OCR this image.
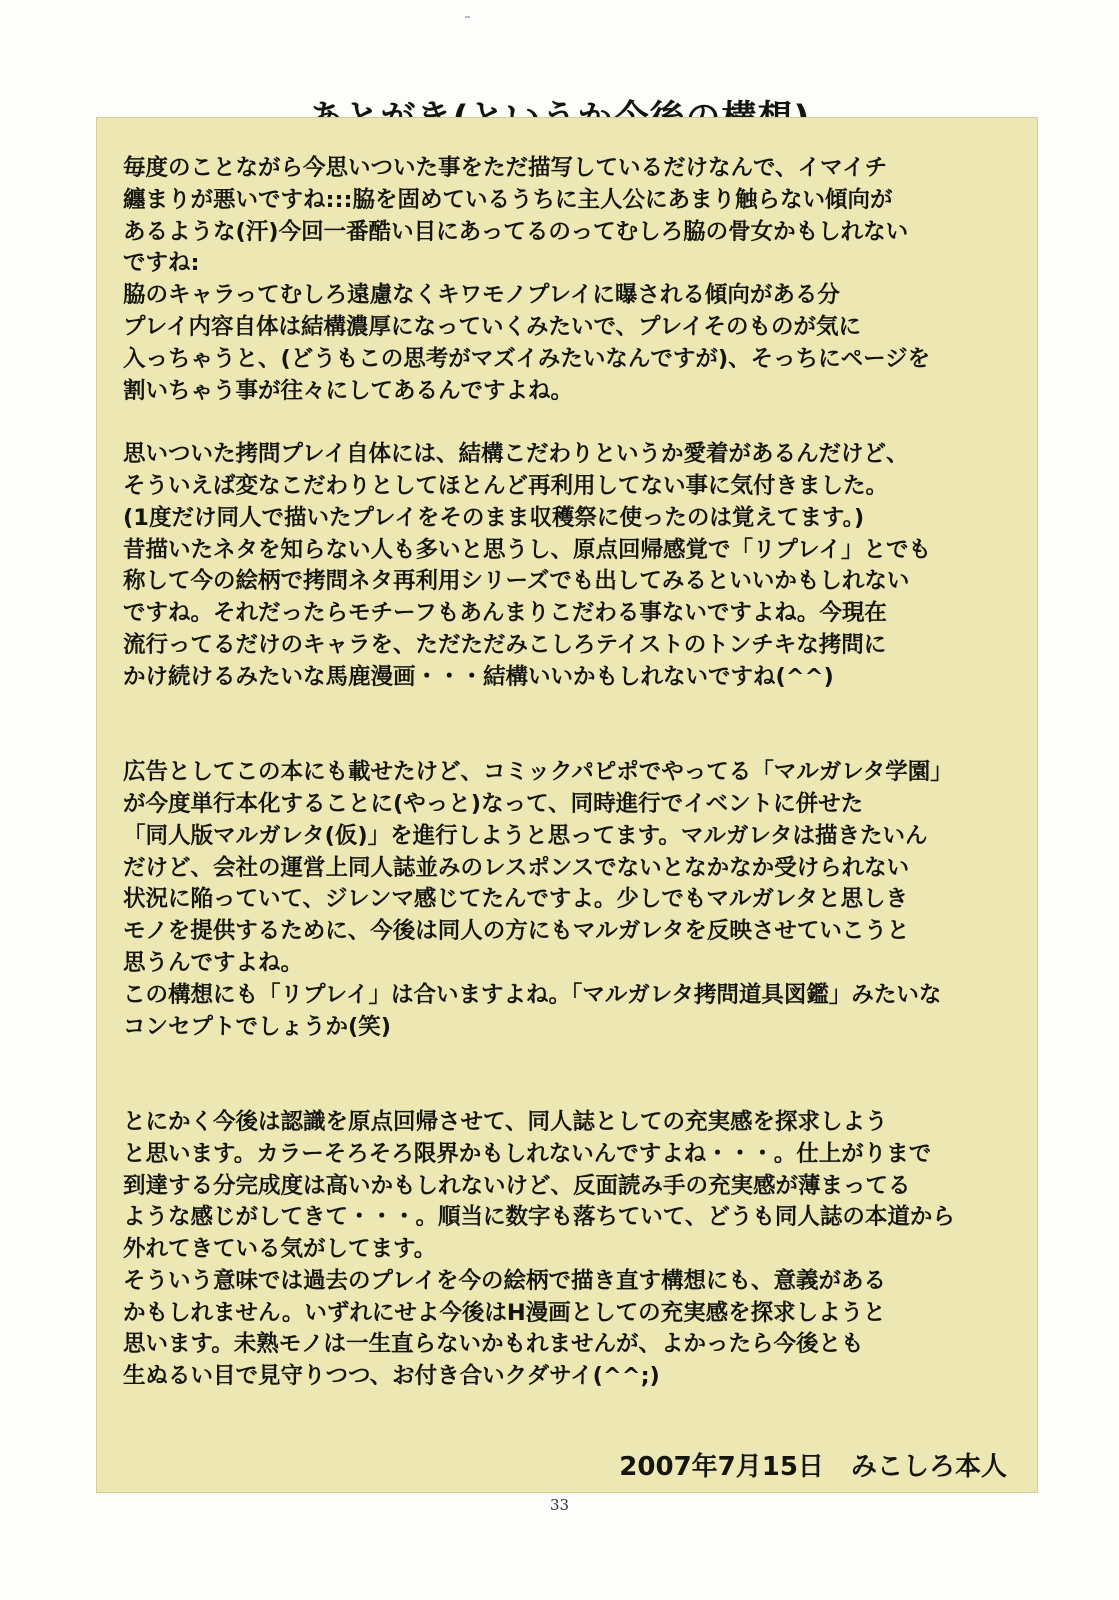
毎度のことながら今思いついた事をただ描写しているだけなんで、イマイチ
纏まりが悪いですね:::脇を固めているうちに主人公にあまり触らない傾向が
あるような(汗)今回一番酷い目にあってるのってむしろ脇の骨女かもしれない
ですね:
脇のキャラってむしろ遠慮なくキワモノプレイに曝される傾向がある分
プレイ内容自体は結構濃厚になっていくみたいで、プレイそのものが気に
入っちゃうと、(どうもこの思考がマズイみたいなんですが)、そっちにページを
割いちゃう事が往々にしてあるんですよね。
思いついた拷問プレイ自体には、結構こだわりというか愛着があるんだけど、
そういえば変なこだわりとしてほとんど再利用してない事に気付きました。
(1度だけ同人で描いたプレイをそのまま収穫祭に使ったのは覚えてます。)
昔描いたネタを知らない人も多いと思うし、原点回帰感覚で「リプレイ」とでも
称して今の絵柄で拷問ネタ再利用シリーズでも出してみるといいかもしれない
ですね。それだったらモチーフもあんまりこだわる事ないですよね。今現在
流行ってるだけのキャラを、ただただみこしろテイストのトンチキな拷問に
かけ続けるみたいな馬鹿漫画・・・結構いいかもしれないですね(^^)
広告としてこの本にも載せたけど、コミックパピポでやってる「マルガレタ学園」
が今度単行本化することに(やっと)なって、同時進行でイベントに併せた
「同人版マルガレタ(仮)」を進行しようと思ってます。マルガレタは描きたいん
だけど、会社の運営上同人誌並みのレスポンスでないとなかなか受けられない
状況に陥っていて、ジレンマ感じてたんですよ。少しでもマルガレタと思しき
モノを提供するために、今後は同人の方にもマルガレタを反映させていこうと
思うんですよね。
この構想にも「リプレイ」は合いますよね。「マルガレタ拷問道具図鑑」みたいな
コンセプトでしょうか(笑)
とにかく今後は認識を原点回帰させて、同人誌としての充実感を探求しよう
と思います。カラーそろそろ限界かもしれないんですよね・・・。仕上がりまで
到達する分完成度は高いかもしれないけど、反面読み手の充実感が薄まってる
ような感じがしてきて・・・。順当に数字も落ちていて、どうも同人誌の本道から
外れてきている気がしてます。
そういう意味では過去のプレイを今の絵柄で描き直す構想にも、意義がある
かもしれません。いずれにせよ今後はH漫画としての充実感を探求しようと
思います。未熟モノは一生直らないかもれませんが、よかったら今後とも
生ぬるい目で見守りつつ、お付き合いクダサイ(^^;)
2007年7月15日 みこしろ本人
33
